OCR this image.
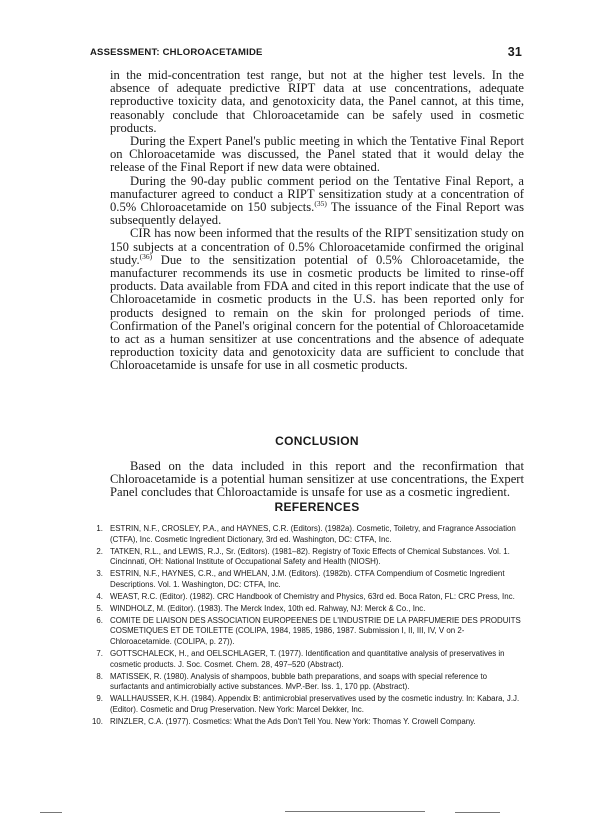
ASSESSMENT: CHLOROACETAMIDE	31

in the mid-concentration test range, but not at the higher test levels. In the absence of adequate predictive RIPT data at use concentrations, adequate reproductive toxicity data, and genotoxicity data, the Panel cannot, at this time, reasonably conclude that Chloroacetamide can be safely used in cosmetic products.

During the Expert Panel's public meeting in which the Tentative Final Report on Chloroacetamide was discussed, the Panel stated that it would delay the release of the Final Report if new data were obtained.

During the 90-day public comment period on the Tentative Final Report, a manufacturer agreed to conduct a RIPT sensitization study at a concentration of 0.5% Chloroacetamide on 150 subjects.$^{(35)}$ The issuance of the Final Report was subsequently delayed.

CIR has now been informed that the results of the RIPT sensitization study on 150 subjects at a concentration of 0.5% Chloroacetamide confirmed the original study.$^{(36)}$ Due to the sensitization potential of 0.5% Chloroacetamide, the manufacturer recommends its use in cosmetic products be limited to rinse-off products. Data available from FDA and cited in this report indicate that the use of Chloroacetamide in cosmetic products in the U.S. has been reported only for products designed to remain on the skin for prolonged periods of time. Confirmation of the Panel's original concern for the potential of Chloroacetamide to act as a human sensitizer at use concentrations and the absence of adequate reproduction toxicity data and genotoxicity data are sufficient to conclude that Chloroacetamide is unsafe for use in all cosmetic products.

CONCLUSION

Based on the data included in this report and the reconfirmation that Chloroacetamide is a potential human sensitizer at use concentrations, the Expert Panel concludes that Chloroactamide is unsafe for use as a cosmetic ingredient.

REFERENCES
1. ESTRIN, N.F., CROSLEY, P.A., and HAYNES, C.R. (Editors). (1982a). Cosmetic, Toiletry, and Fragrance Association (CTFA), Inc. Cosmetic Ingredient Dictionary, 3rd ed. Washington, DC: CTFA, Inc.
2. TATKEN, R.L., and LEWIS, R.J., Sr. (Editors). (1981–82). Registry of Toxic Effects of Chemical Substances. Vol. 1. Cincinnati, OH: National Institute of Occupational Safety and Health (NIOSH).
3. ESTRIN, N.F., HAYNES, C.R., and WHELAN, J.M. (Editors). (1982b). CTFA Compendium of Cosmetic Ingredient Descriptions. Vol. 1. Washington, DC: CTFA, Inc.
4. WEAST, R.C. (Editor). (1982). CRC Handbook of Chemistry and Physics, 63rd ed. Boca Raton, FL: CRC Press, Inc.
5. WINDHOLZ, M. (Editor). (1983). The Merck Index, 10th ed. Rahway, NJ: Merck & Co., Inc.
6. COMITE DE LIAISON DES ASSOCIATION EUROPEENES DE L'INDUSTRIE DE LA PARFUMERIE DES PRODUITS COSMETIQUES ET DE TOILETTE (COLIPA, 1984, 1985, 1986, 1987. Submission I, II, III, IV, V on 2-Chloroacetamide. (COLIPA, p. 27)).
7. GOTTSCHALECK, H., and OELSCHLAGER, T. (1977). Identification and quantitative analysis of preservatives in cosmetic products. J. Soc. Cosmet. Chem. 28, 497–520 (Abstract).
8. MATISSEK, R. (1980). Analysis of shampoos, bubble bath preparations, and soaps with special reference to surfactants and antimicrobially active substances. MvP.-Ber. Iss. 1, 170 pp. (Abstract).
9. WALLHAUSSER, K.H. (1984). Appendix B: antimicrobial preservatives used by the cosmetic industry. In: Kabara, J.J. (Editor). Cosmetic and Drug Preservation. New York: Marcel Dekker, Inc.
10. RINZLER, C.A. (1977). Cosmetics: What the Ads Don't Tell You. New York: Thomas Y. Crowell Company.
